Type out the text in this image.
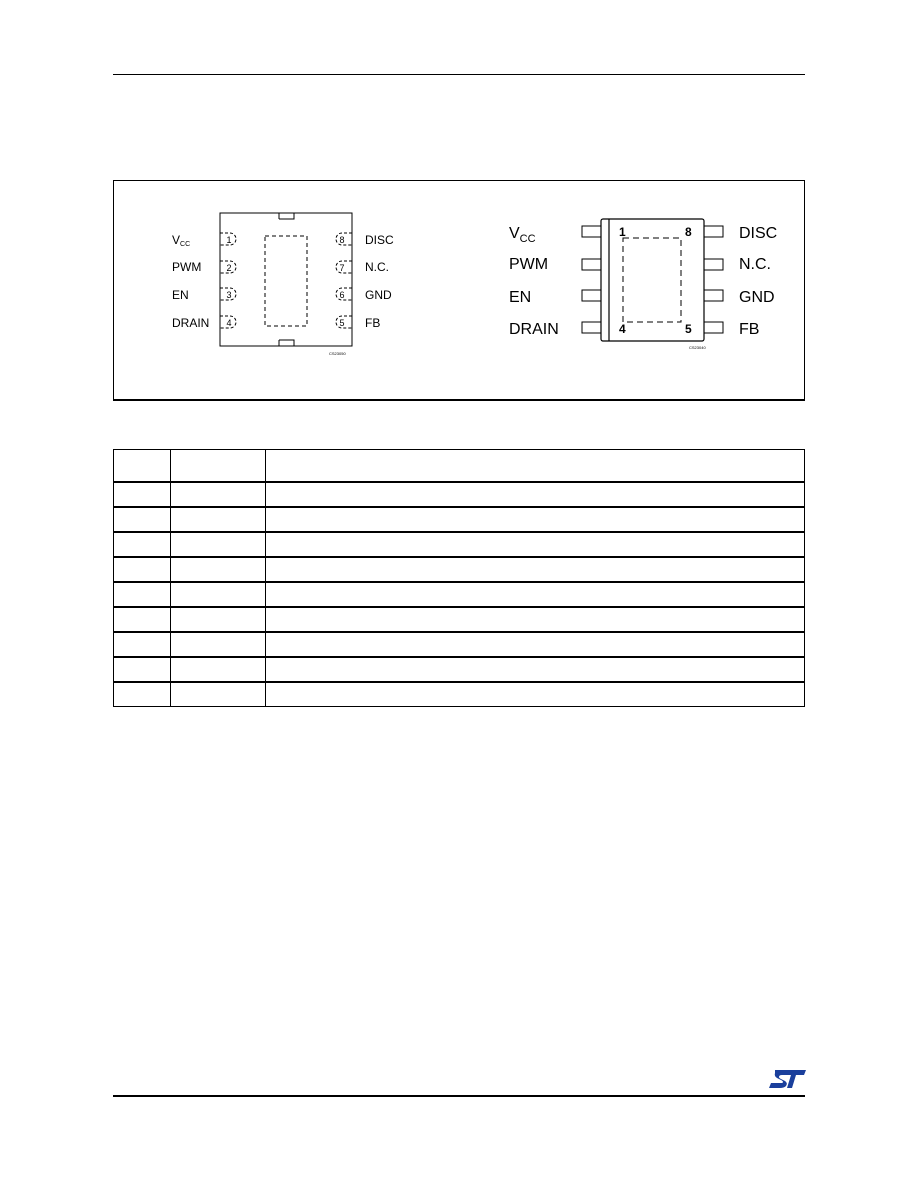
1
2
3
4
8
7
6
5
VCC
PWM
EN
DRAIN
DISC
N.C.
GND
FB
CS23050
1
4
8
5
$V_{CC}$
PWM
EN
DRAIN
DISC
N.C.
GND
FB
CS23040
